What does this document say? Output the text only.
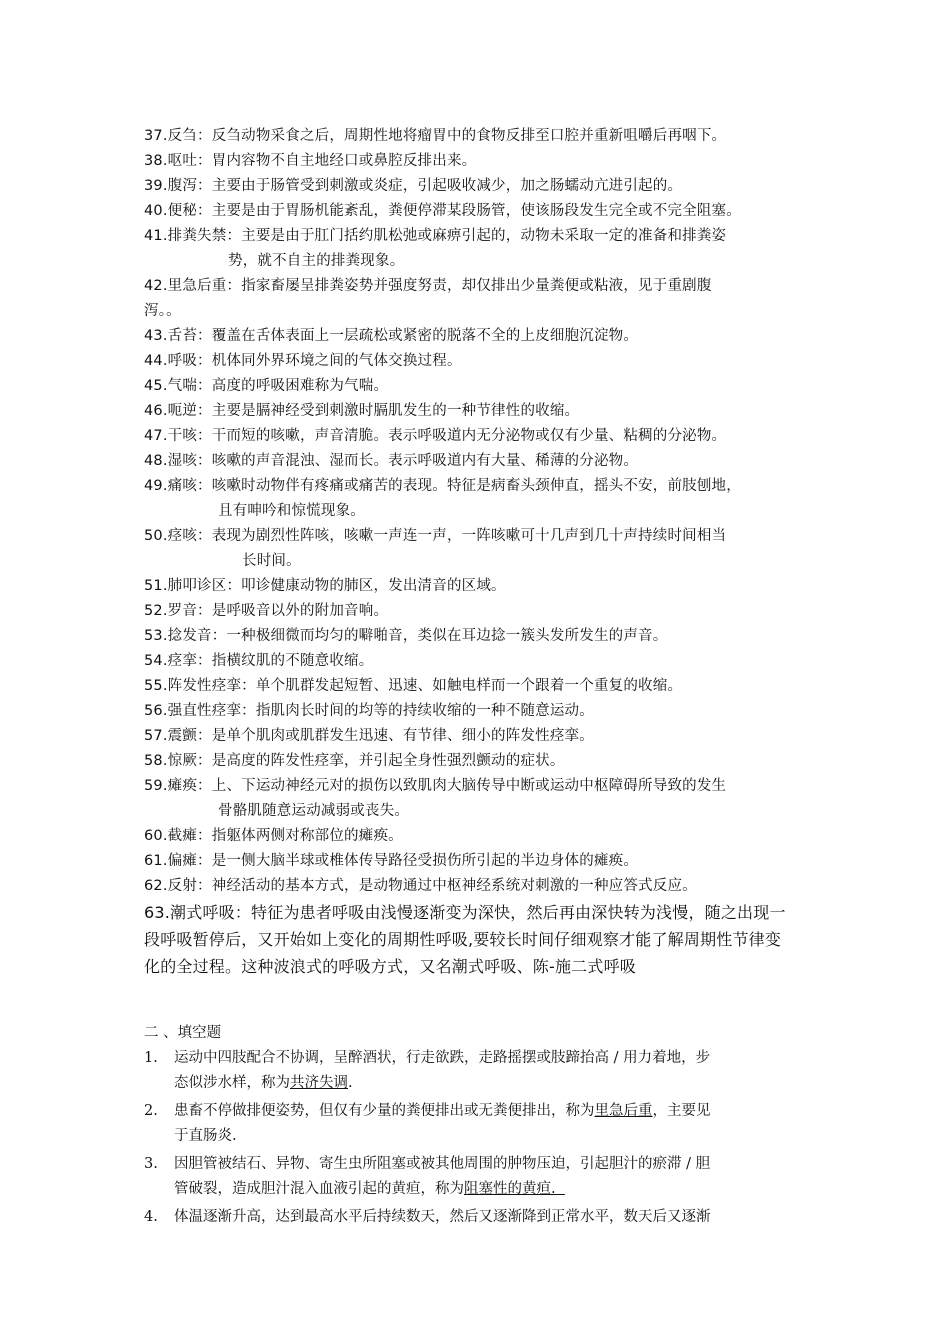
37.反刍：反刍动物采食之后，周期性地将瘤胃中的食物反排至口腔并重新咀嚼后再咽下。
38.呕吐：胃内容物不自主地经口或鼻腔反排出来。
39.腹泻：主要由于肠管受到刺激或炎症，引起吸收减少，加之肠蠕动亢进引起的。
40.便秘：主要是由于胃肠机能紊乱，粪便停滞某段肠管，使该肠段发生完全或不完全阻塞。
41.排粪失禁：主要是由于肛门括约肌松弛或麻痹引起的，动物未采取一定的准备和排粪姿
势，就不自主的排粪现象。
42.里急后重：指家畜屡呈排粪姿势并强度努责，却仅排出少量粪便或粘液，见于重剧腹
泻。。
43.舌苔：覆盖在舌体表面上一层疏松或紧密的脱落不全的上皮细胞沉淀物。
44.呼吸：机体同外界环境之间的气体交换过程。
45.气喘：高度的呼吸困难称为气喘。
46.呃逆：主要是膈神经受到刺激时膈肌发生的一种节律性的收缩。
47.干咳：干而短的咳嗽，声音清脆。表示呼吸道内无分泌物或仅有少量、粘稠的分泌物。
48.湿咳：咳嗽的声音混浊、湿而长。表示呼吸道内有大量、稀薄的分泌物。
49.痛咳：咳嗽时动物伴有疼痛或痛苦的表现。特征是病畜头颈伸直，摇头不安，前肢刨地，
且有呻吟和惊慌现象。
50.痉咳：表现为剧烈性阵咳，咳嗽一声连一声，一阵咳嗽可十几声到几十声持续时间相当
长时间。
51.肺叩诊区：叩诊健康动物的肺区，发出清音的区域。
52.罗音：是呼吸音以外的附加音响。
53.捻发音：一种极细微而均匀的噼啪音，类似在耳边捻一簇头发所发生的声音。
54.痉挛：指横纹肌的不随意收缩。
55.阵发性痉挛：单个肌群发起短暂、迅速、如触电样而一个跟着一个重复的收缩。
56.强直性痉挛：指肌肉长时间的均等的持续收缩的一种不随意运动。
57.震颤：是单个肌肉或肌群发生迅速、有节律、细小的阵发性痉挛。
58.惊厥：是高度的阵发性痉挛，并引起全身性强烈颤动的症状。
59.瘫痪：上、下运动神经元对的损伤以致肌肉大脑传导中断或运动中枢障碍所导致的发生
骨骼肌随意运动减弱或丧失。
60.截瘫：指躯体两侧对称部位的瘫痪。
61.偏瘫：是一侧大脑半球或椎体传导路径受损伤所引起的半边身体的瘫痪。
62.反射：神经活动的基本方式，是动物通过中枢神经系统对刺激的一种应答式反应。
63.潮式呼吸：特征为患者呼吸由浅慢逐渐变为深快，然后再由深快转为浅慢，随之出现一
段呼吸暂停后，又开始如上变化的周期性呼吸,要较长时间仔细观察才能了解周期性节律变
化的全过程。这种波浪式的呼吸方式，又名潮式呼吸、陈-施二式呼吸
二 、填空题
1. 运动中四肢配合不协调，呈醉酒状，行走欲跌，走路摇摆或肢蹄抬高 / 用力着地，步
态似涉水样，称为共济失调.
2. 患畜不停做排便姿势，但仅有少量的粪便排出或无粪便排出，称为里急后重，主要见
于直肠炎.
3. 因胆管被结石、异物、寄生虫所阻塞或被其他周围的肿物压迫，引起胆汁的瘀滞 / 胆
管破裂，造成胆汁混入血液引起的黄疸，称为阻塞性的黄疸.
4. 体温逐渐升高，达到最高水平后持续数天，然后又逐渐降到正常水平，数天后又逐渐
